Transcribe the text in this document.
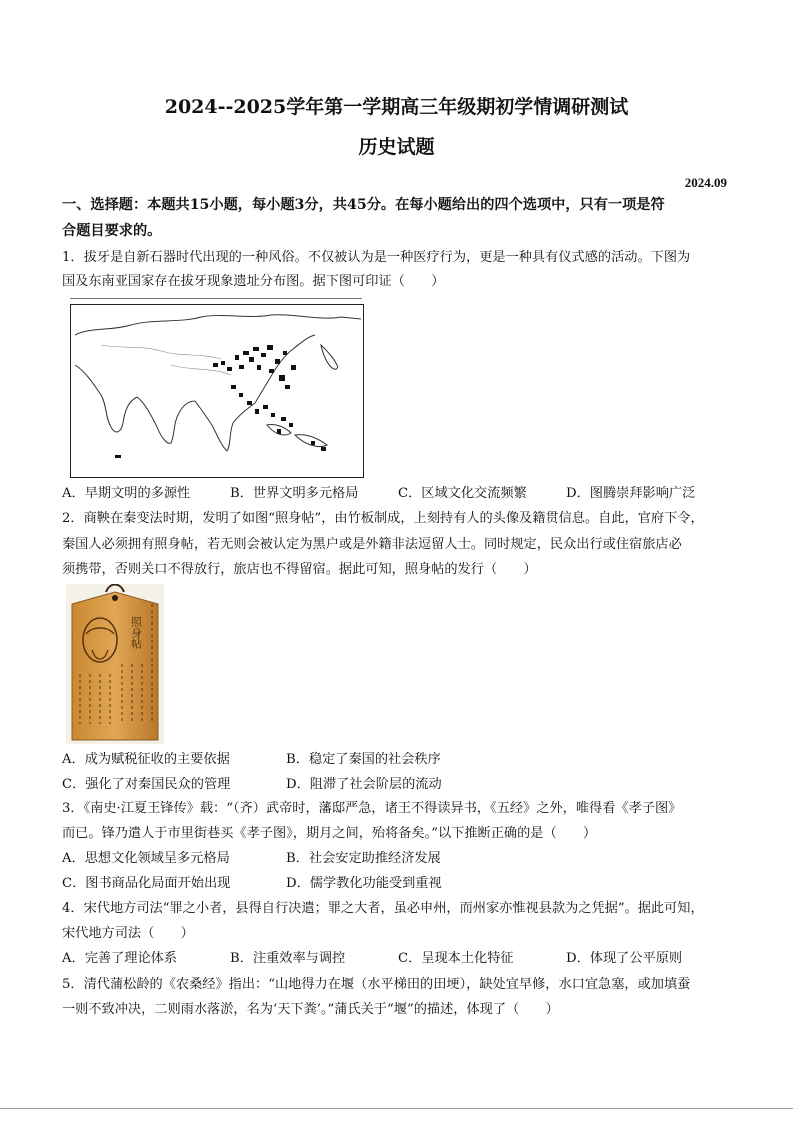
2024--2025学年第一学期高三年级期初学情调研测试
历史试题
2024.09
一、选择题：本题共15小题，每小题3分，共45分。在每小题给出的四个选项中，只有一项是符
合题目要求的。
1．拔牙是自新石器时代出现的一种风俗。不仅被认为是一种医疗行为，更是一种具有仪式感的活动。下图为
国及东南亚国家存在拔牙现象遗址分布图。据下图可印证（　　）
A．早期文明的多源性	B．世界文明多元格局	C．区域文化交流频繁	D．图腾崇拜影响广泛
2．商鞅在秦变法时期，发明了如图“照身帖”，由竹板制成，上刻持有人的头像及籍贯信息。自此，官府下令，
秦国人必须拥有照身帖，若无则会被认定为黑户或是外籍非法逗留人士。同时规定，民众出行或住宿旅店必
须携带，否则关口不得放行，旅店也不得留宿。据此可知，照身帖的发行（　　）
照身帖
A．成为赋税征收的主要依据	B．稳定了秦国的社会秩序
C．强化了对秦国民众的管理	D．阻滞了社会阶层的流动
3．《南史·江夏王锋传》载：“（齐）武帝时，藩邸严急，诸王不得读异书，《五经》之外，唯得看《孝子图》
而已。锋乃遣人于市里街巷买《孝子图》，期月之间，殆将备矣。”以下推断正确的是（　　）
A．思想文化领域呈多元格局	B．社会安定助推经济发展
C．图书商品化局面开始出现	D．儒学教化功能受到重视
4．宋代地方司法“罪之小者，县得自行决遣；罪之大者，虽必申州，而州家亦惟视县款为之凭据”。据此可知，
宋代地方司法（　　）
A．完善了理论体系	B．注重效率与调控	C．呈现本土化特征	D．体现了公平原则
5．清代蒲松龄的《农桑经》指出：“山地得力在堰（水平梯田的田埂），缺处宜早修，水口宜急塞，或加填蚕
一则不致冲决，二则雨水落淤，名为‘天下粪’。”蒲氏关于“堰”的描述，体现了（　　）
